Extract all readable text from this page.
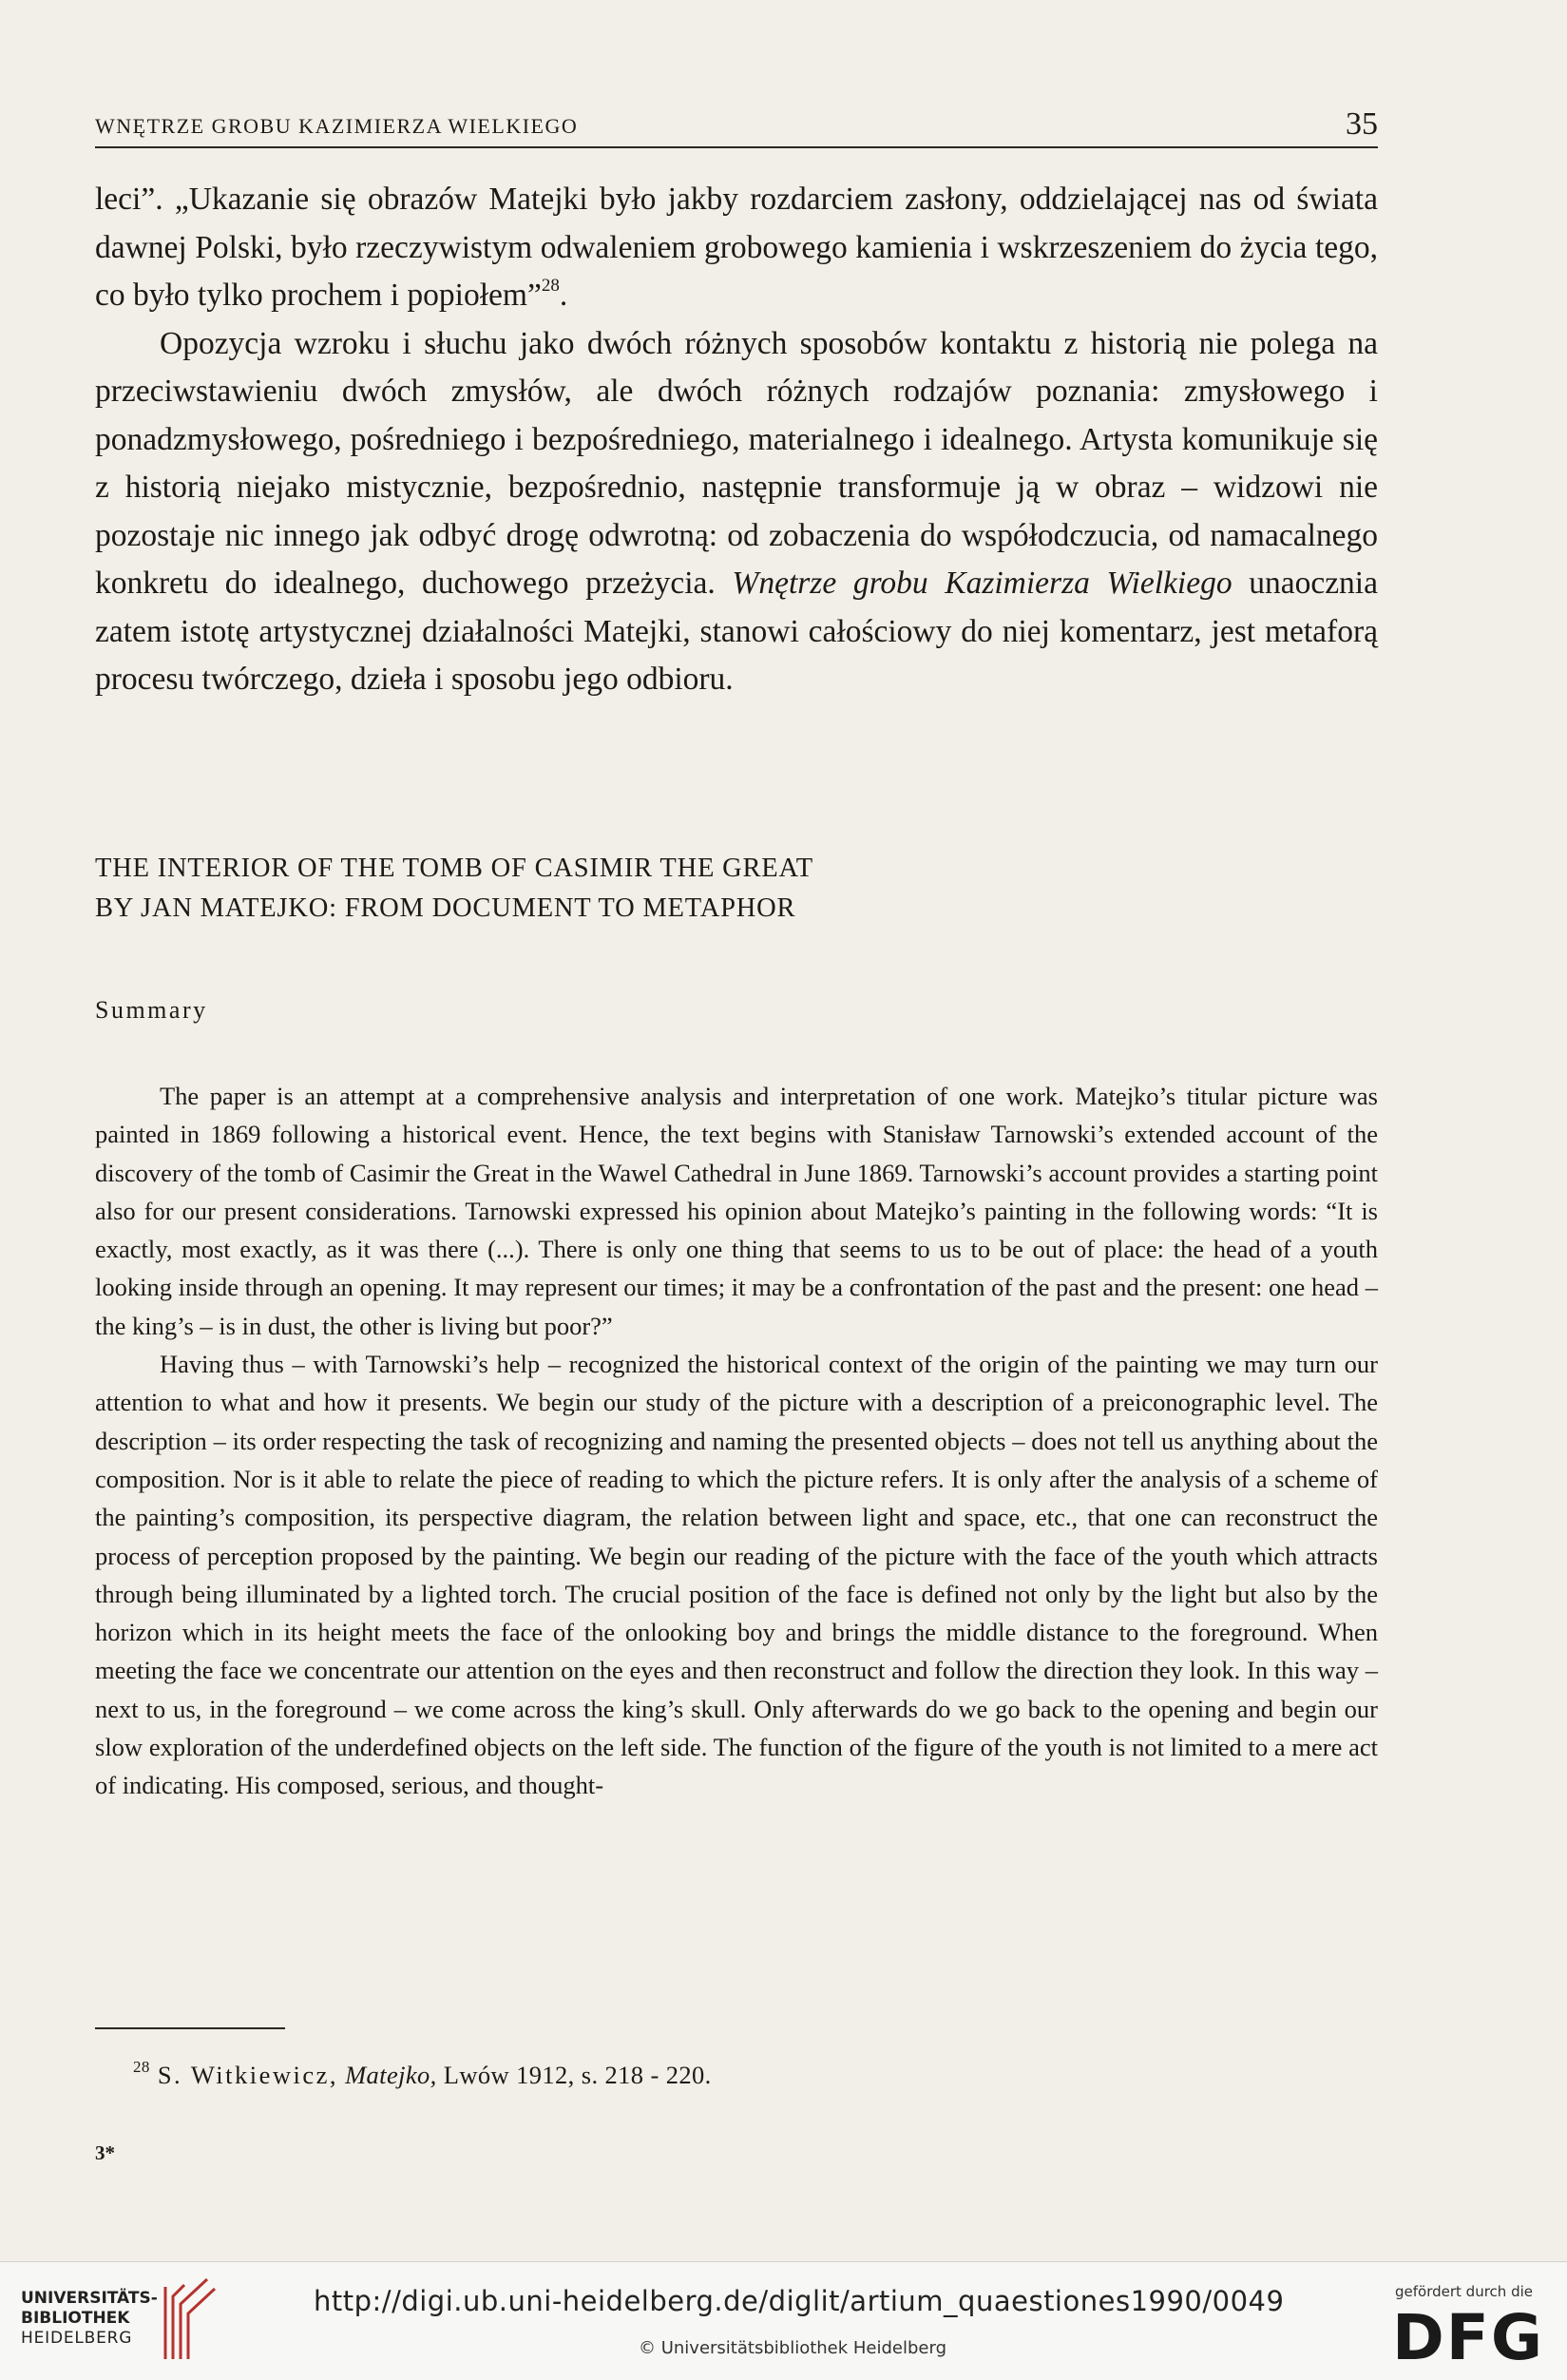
WNĘTRZE GROBU KAZIMIERZA WIELKIEGO	35

leci”. „Ukazanie się obrazów Matejki było jakby rozdarciem zasłony, oddzielającej nas od świata dawnej Polski, było rzeczywistym odwaleniem grobowego kamienia i wskrzeszeniem do życia tego, co było tylko prochem i popiołem”$^{28}$.

Opozycja wzroku i słuchu jako dwóch różnych sposobów kontaktu z historią nie polega na przeciwstawieniu dwóch zmysłów, ale dwóch różnych rodzajów poznania: zmysłowego i ponadzmysłowego, pośredniego i bezpośredniego, materialnego i idealnego. Artysta komunikuje się z historią niejako mistycznie, bezpośrednio, następnie transformuje ją w obraz – widzowi nie pozostaje nic innego jak odbyć drogę odwrotną: od zobaczenia do współodczucia, od namacalnego konkretu do idealnego, duchowego przeżycia. Wnętrze grobu Kazimierza Wielkiego unaocznia zatem istotę artystycznej działalności Matejki, stanowi całościowy do niej komentarz, jest metaforą procesu twórczego, dzieła i sposobu jego odbioru.

THE INTERIOR OF THE TOMB OF CASIMIR THE GREAT
BY JAN MATEJKO: FROM DOCUMENT TO METAPHOR
Summary

The paper is an attempt at a comprehensive analysis and interpretation of one work. Matejko’s titular picture was painted in 1869 following a historical event. Hence, the text begins with Stanisław Tarnowski’s extended account of the discovery of the tomb of Casimir the Great in the Wawel Cathedral in June 1869. Tarnowski’s account provides a starting point also for our present considerations. Tarnowski expressed his opinion about Matejko’s painting in the following words: “It is exactly, most exactly, as it was there (...). There is only one thing that seems to us to be out of place: the head of a youth looking inside through an opening. It may represent our times; it may be a confrontation of the past and the present: one head – the king’s – is in dust, the other is living but poor?”

Having thus – with Tarnowski’s help – recognized the historical context of the origin of the painting we may turn our attention to what and how it presents. We begin our study of the picture with a description of a preiconographic level. The description – its order respecting the task of recognizing and naming the presented objects – does not tell us anything about the composition. Nor is it able to relate the piece of reading to which the picture refers. It is only after the analysis of a scheme of the painting’s composition, its perspective diagram, the relation between light and space, etc., that one can reconstruct the process of perception proposed by the painting. We begin our reading of the picture with the face of the youth which attracts through being illuminated by a lighted torch. The crucial position of the face is defined not only by the light but also by the horizon which in its height meets the face of the onlooking boy and brings the middle distance to the foreground. When meeting the face we concentrate our attention on the eyes and then reconstruct and follow the direction they look. In this way – next to us, in the foreground – we come across the king’s skull. Only afterwards do we go back to the opening and begin our slow exploration of the underdefined objects on the left side. The function of the figure of the youth is not limited to a mere act of indicating. His composed, serious, and thought-

$^{28}$ S. Witkiewicz, Matejko, Lwów 1912, s. 218 - 220.
3*
UNIVERSITÄTS-
BIBLIOTHEK
HEIDELBERG
http://digi.ub.uni-heidelberg.de/diglit/artium_quaestiones1990/0049
© Universitätsbibliothek Heidelberg
gefördert durch die
DFG
